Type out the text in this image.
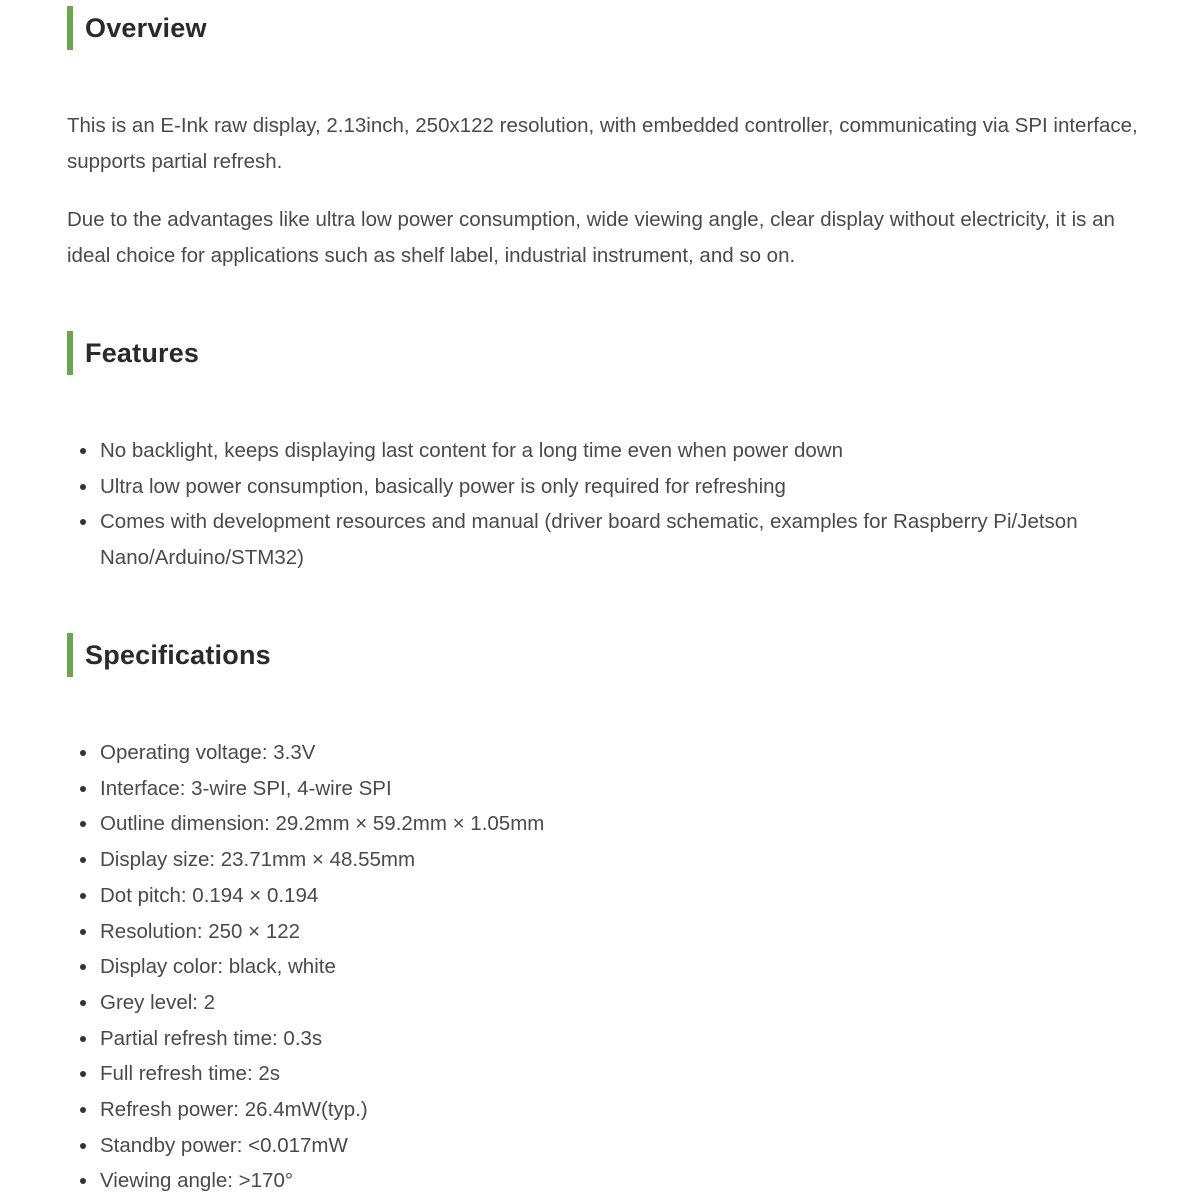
Overview

This is an E-Ink raw display, 2.13inch, 250x122 resolution, with embedded controller, communicating via SPI interface, supports partial refresh.

Due to the advantages like ultra low power consumption, wide viewing angle, clear display without electricity, it is an ideal choice for applications such as shelf label, industrial instrument, and so on.

Features
No backlight, keeps displaying last content for a long time even when power down
Ultra low power consumption, basically power is only required for refreshing
Comes with development resources and manual (driver board schematic, examples for Raspberry Pi/Jetson Nano/Arduino/STM32)
Specifications
Operating voltage: 3.3V
Interface: 3-wire SPI, 4-wire SPI
Outline dimension: 29.2mm × 59.2mm × 1.05mm
Display size: 23.71mm × 48.55mm
Dot pitch: 0.194 × 0.194
Resolution: 250 × 122
Display color: black, white
Grey level: 2
Partial refresh time: 0.3s
Full refresh time: 2s
Refresh power: 26.4mW(typ.)
Standby power: <0.017mW
Viewing angle: >170°
